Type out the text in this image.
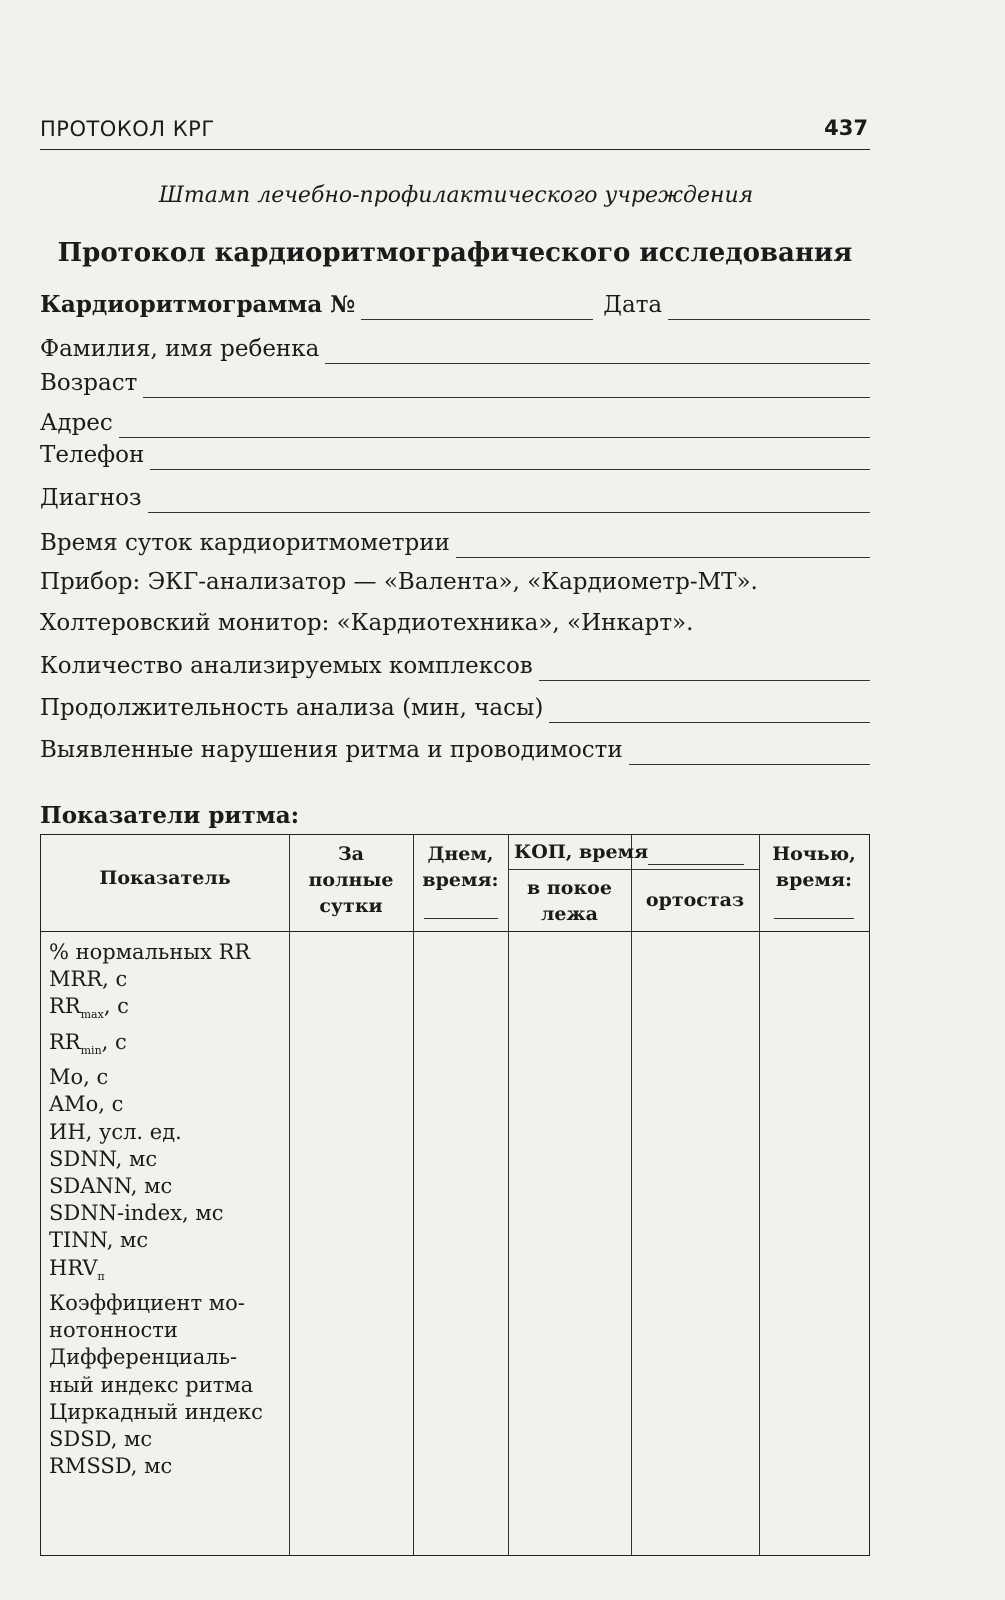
ПРОТОКОЛ КРГ	437
Штамп лечебно-профилактического учреждения
Протокол кардиоритмографического исследования
Кардиоритмограмма №	Дата
Фамилия, имя ребенка
Возраст
Адрес
Телефон
Диагноз
Время суток кардиоритмометрии
Прибор: ЭКГ-анализатор — «Валента», «Кардиометр-МТ».
Холтеровский монитор: «Кардиотехника», «Инкарт».
Количество анализируемых комплексов
Продолжительность анализа (мин, часы)
Выявленные нарушения ритма и проводимости
Показатели ритма:
Показатель
За
полные
сутки
Днем,
время:
КОП, время
в покое
лежа
ортостаз
Ночью,
время:
% нормальных RR
MRR, с
$RR_{max}$, с
$RR_{min}$, с
Mo, с
AMo, с
ИН, усл. ед.
SDNN, мс
SDANN, мс
SDNN-index, мс
TINN, мс
$HRV_п$
Коэффициент мо-
нотонности
Дифференциаль-
ный индекс ритма
Циркадный индекс
SDSD, мс
RMSSD, мс
